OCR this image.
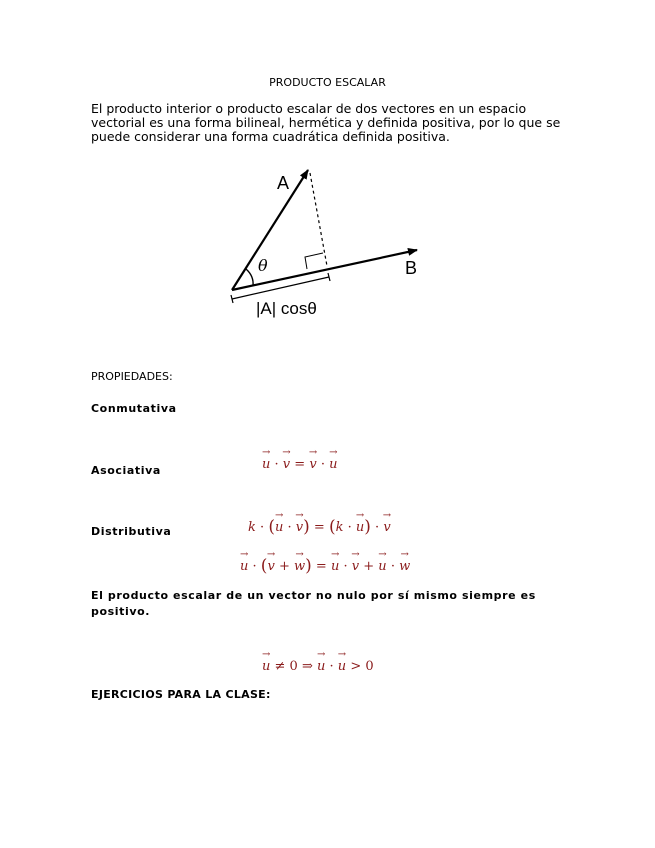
PRODUCTO ESCALAR
El producto interior o producto escalar de dos vectores en un espacio vectorial es una forma bilineal, hermética y definida positiva, por lo que se puede considerar una forma cuadrática definida positiva.
A
B
θ
|A| cosθ
PROPIEDADES:
Conmutativa
Asociativa	→ u · → v = → v · → u
Distributiva	k · (→ u · → v) = (k · → u) · → v
→ u · (→ v + → w) = → u · → v + → u · → w
El producto escalar de un vector no nulo por sí mismo siempre es positivo.
→ u ≠ 0 ⇒ → u · → u > 0
EJERCICIOS PARA LA CLASE:
